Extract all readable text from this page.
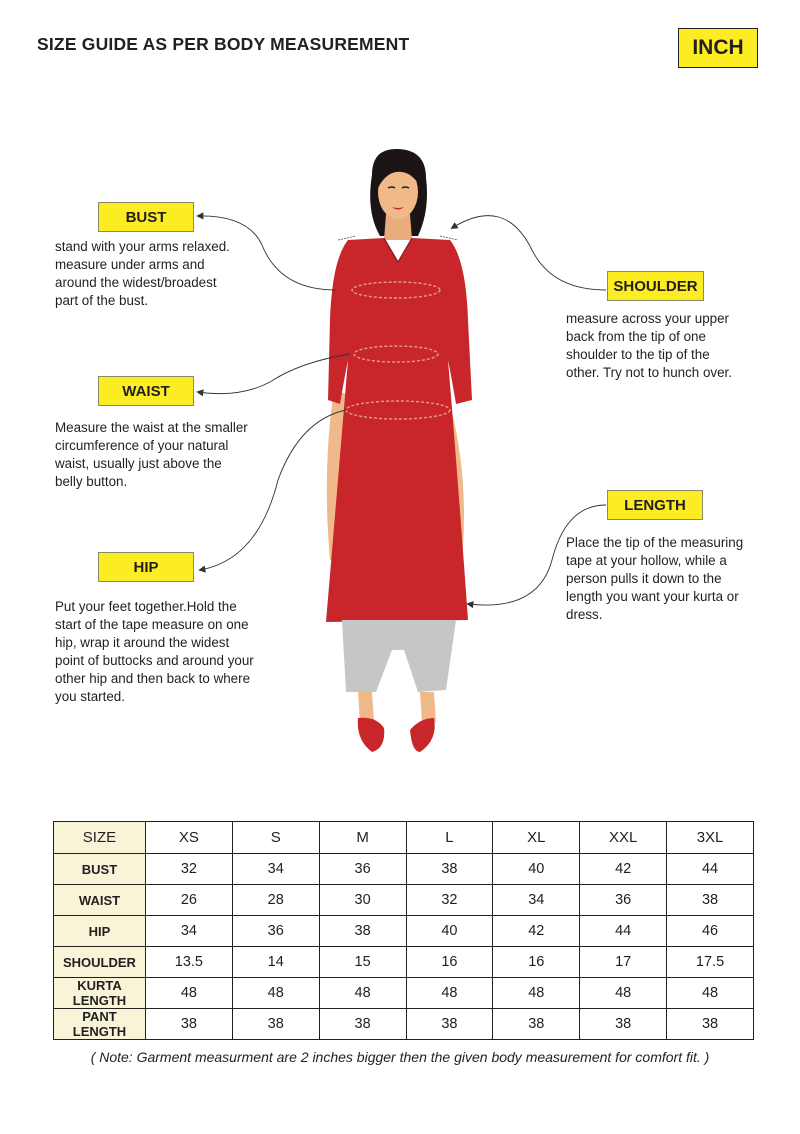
SIZE GUIDE AS PER BODY MEASUREMENT	INCH
BUST
stand with your arms relaxed.
measure under arms and
around the widest/broadest
part of the bust.
SHOULDER
measure across your upper
back from the tip of one
shoulder to the tip of the
other. Try not to hunch over.
WAIST
Measure the waist at the smaller
circumference of your natural
waist, usually just above the
belly button.
LENGTH
Place the tip of the measuring
tape at your hollow, while a
person pulls it down to the
length you want your kurta or
dress.
HIP
Put your feet together.Hold the
start of the tape measure on one
hip, wrap it around the widest
point of buttocks and around your
other hip and then back to where
you started.
SIZE	XS	S	M	L	XL	XXL	3XL
BUST	32	34	36	38	40	42	44
WAIST	26	28	30	32	34	36	38
HIP	34	36	38	40	42	44	46
SHOULDER	13.5	14	15	16	16	17	17.5
KURTA LENGTH	48	48	48	48	48	48	48
PANT LENGTH	38	38	38	38	38	38	38
( Note: Garment measurment are 2 inches bigger then the given body measurement for comfort fit. )
